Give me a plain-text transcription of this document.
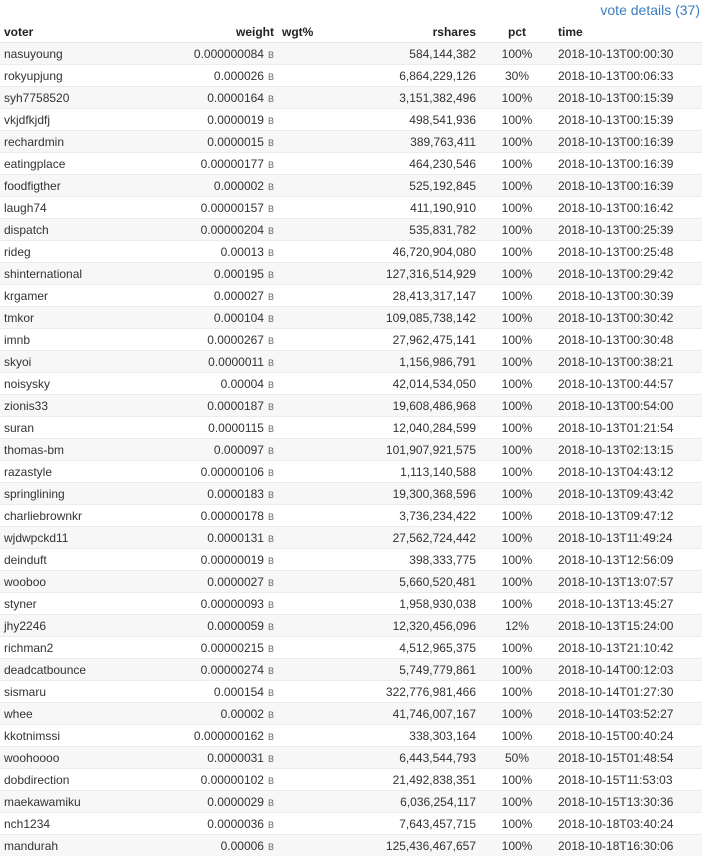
vote details (37)
voter	weight	wgt%	rshares	pct	time
nasuyoung	0.000000084 B		584,144,382	100%	2018-10-13T00:00:30
rokyupjung	0.000026 B		6,864,229,126	30%	2018-10-13T00:06:33
syh7758520	0.0000164 B		3,151,382,496	100%	2018-10-13T00:15:39
vkjdfkjdfj	0.0000019 B		498,541,936	100%	2018-10-13T00:15:39
rechardmin	0.0000015 B		389,763,411	100%	2018-10-13T00:16:39
eatingplace	0.00000177 B		464,230,546	100%	2018-10-13T00:16:39
foodfigther	0.000002 B		525,192,845	100%	2018-10-13T00:16:39
laugh74	0.00000157 B		411,190,910	100%	2018-10-13T00:16:42
dispatch	0.00000204 B		535,831,782	100%	2018-10-13T00:25:39
rideg	0.00013 B		46,720,904,080	100%	2018-10-13T00:25:48
shinternational	0.000195 B		127,316,514,929	100%	2018-10-13T00:29:42
krgamer	0.000027 B		28,413,317,147	100%	2018-10-13T00:30:39
tmkor	0.000104 B		109,085,738,142	100%	2018-10-13T00:30:42
imnb	0.0000267 B		27,962,475,141	100%	2018-10-13T00:30:48
skyoi	0.0000011 B		1,156,986,791	100%	2018-10-13T00:38:21
noisysky	0.00004 B		42,014,534,050	100%	2018-10-13T00:44:57
zionis33	0.0000187 B		19,608,486,968	100%	2018-10-13T00:54:00
suran	0.0000115 B		12,040,284,599	100%	2018-10-13T01:21:54
thomas-bm	0.000097 B		101,907,921,575	100%	2018-10-13T02:13:15
razastyle	0.00000106 B		1,113,140,588	100%	2018-10-13T04:43:12
springlining	0.0000183 B		19,300,368,596	100%	2018-10-13T09:43:42
charliebrownkr	0.00000178 B		3,736,234,422	100%	2018-10-13T09:47:12
wjdwpckd11	0.0000131 B		27,562,724,442	100%	2018-10-13T11:49:24
deinduft	0.00000019 B		398,333,775	100%	2018-10-13T12:56:09
wooboo	0.0000027 B		5,660,520,481	100%	2018-10-13T13:07:57
styner	0.00000093 B		1,958,930,038	100%	2018-10-13T13:45:27
jhy2246	0.0000059 B		12,320,456,096	12%	2018-10-13T15:24:00
richman2	0.00000215 B		4,512,965,375	100%	2018-10-13T21:10:42
deadcatbounce	0.00000274 B		5,749,779,861	100%	2018-10-14T00:12:03
sismaru	0.000154 B		322,776,981,466	100%	2018-10-14T01:27:30
whee	0.00002 B		41,746,007,167	100%	2018-10-14T03:52:27
kkotnimssi	0.000000162 B		338,303,164	100%	2018-10-15T00:40:24
woohoooo	0.0000031 B		6,443,544,793	50%	2018-10-15T01:48:54
dobdirection	0.00000102 B		21,492,838,351	100%	2018-10-15T11:53:03
maekawamiku	0.0000029 B		6,036,254,117	100%	2018-10-15T13:30:36
nch1234	0.0000036 B		7,643,457,715	100%	2018-10-18T03:40:24
mandurah	0.00006 B		125,436,467,657	100%	2018-10-18T16:30:06
